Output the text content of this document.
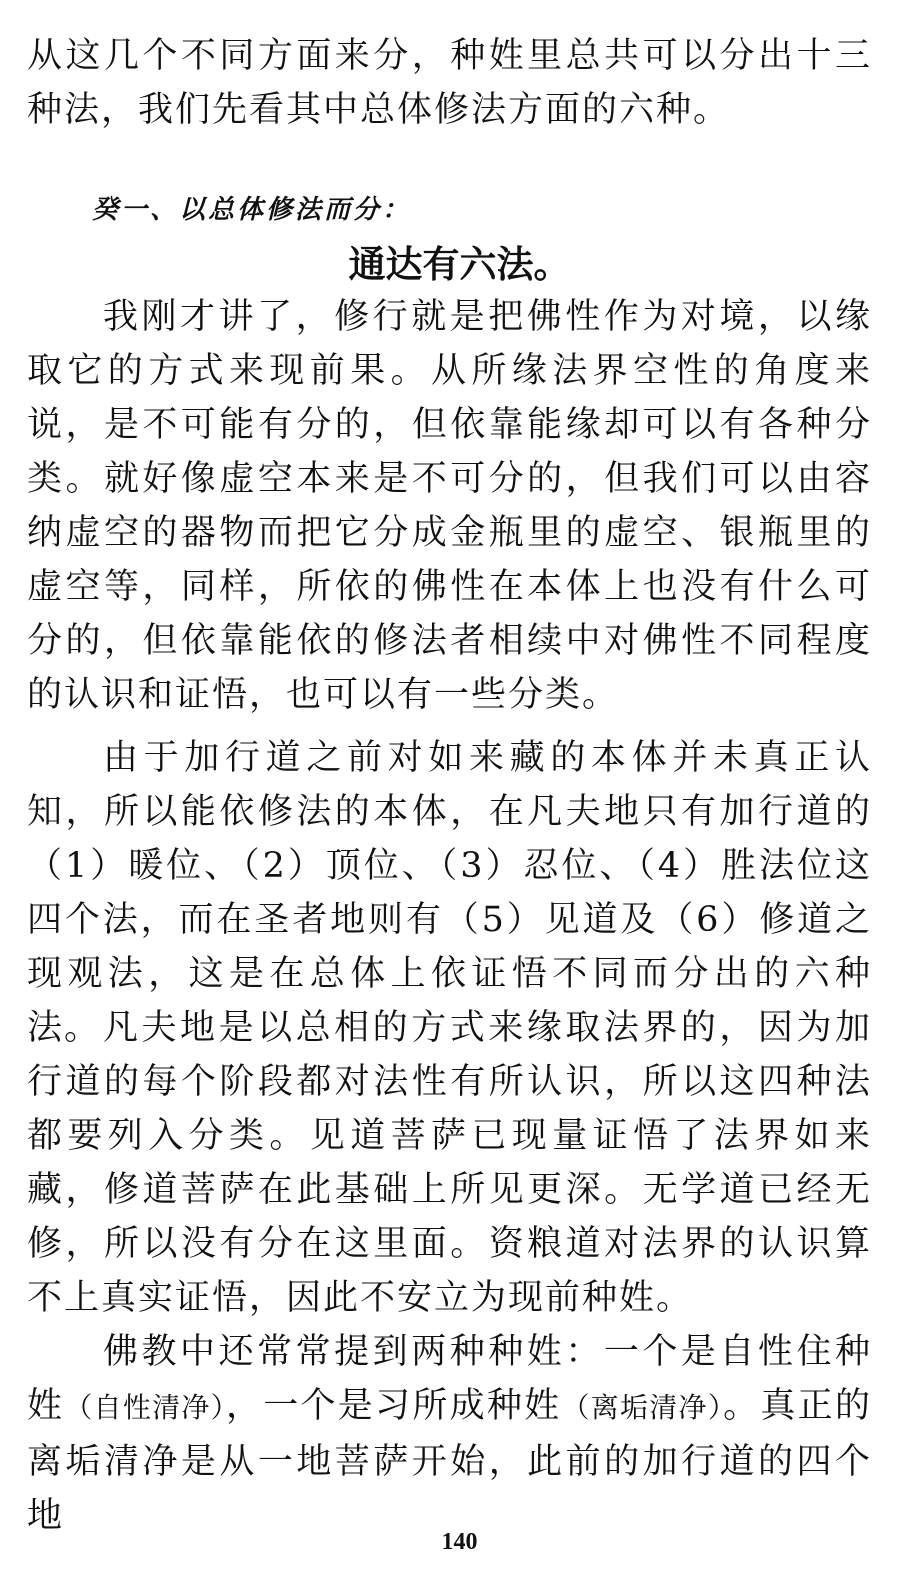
从这几个不同方面来分，种姓里总共可以分出十三种法，我们先看其中总体修法方面的六种。

癸一、以总体修法而分：

通达有六法。

我刚才讲了，修行就是把佛性作为对境，以缘取它的方式来现前果。从所缘法界空性的角度来说，是不可能有分的，但依靠能缘却可以有各种分类。就好像虚空本来是不可分的，但我们可以由容纳虚空的器物而把它分成金瓶里的虚空、银瓶里的虚空等，同样，所依的佛性在本体上也没有什么可分的，但依靠能依的修法者相续中对佛性不同程度的认识和证悟，也可以有一些分类。

由于加行道之前对如来藏的本体并未真正认知，所以能依修法的本体，在凡夫地只有加行道的（1）暖位、（2）顶位、（3）忍位、（4）胜法位这四个法，而在圣者地则有（5）见道及（6）修道之现观法，这是在总体上依证悟不同而分出的六种法。 凡夫地是以总相的方式来缘取法界的，因为加行道的每个阶段都对法性有所认识，所以这四种法都要列入分类。见道菩萨已现量证悟了法界如来藏，修道菩萨在此基础上所见更深。无学道已经无修，所以没有分在这里面。资粮道对法界的认识算不上真实证悟，因此不安立为现前种姓。

佛教中还常常提到两种种姓：一个是自性住种姓（自性清净），一个是习所成种姓（离垢清净）。真正的离垢清净是从一地菩萨开始，此前的加行道的四个地

140
